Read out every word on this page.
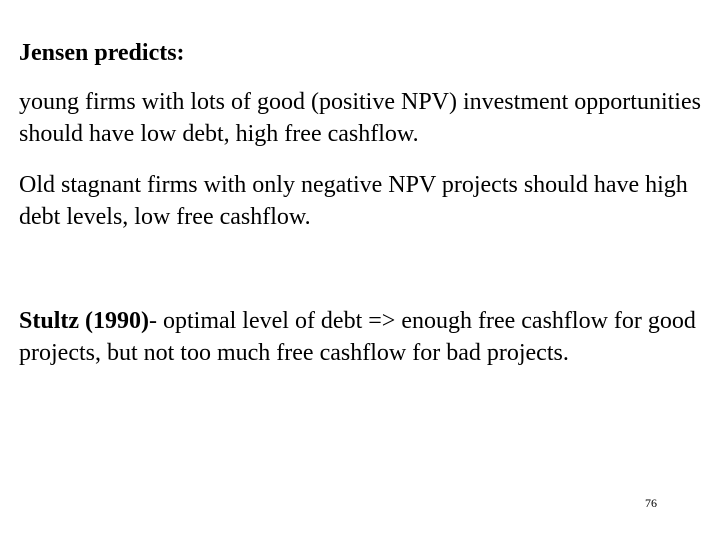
Jensen predicts:
young firms with lots of good (positive NPV) investment opportunities should have low debt, high free cashflow.
Old stagnant firms with only negative NPV projects should have high debt levels, low free cashflow.
Stultz (1990)- optimal level of debt => enough free cashflow for good projects, but not too much free cashflow for bad projects.
76
